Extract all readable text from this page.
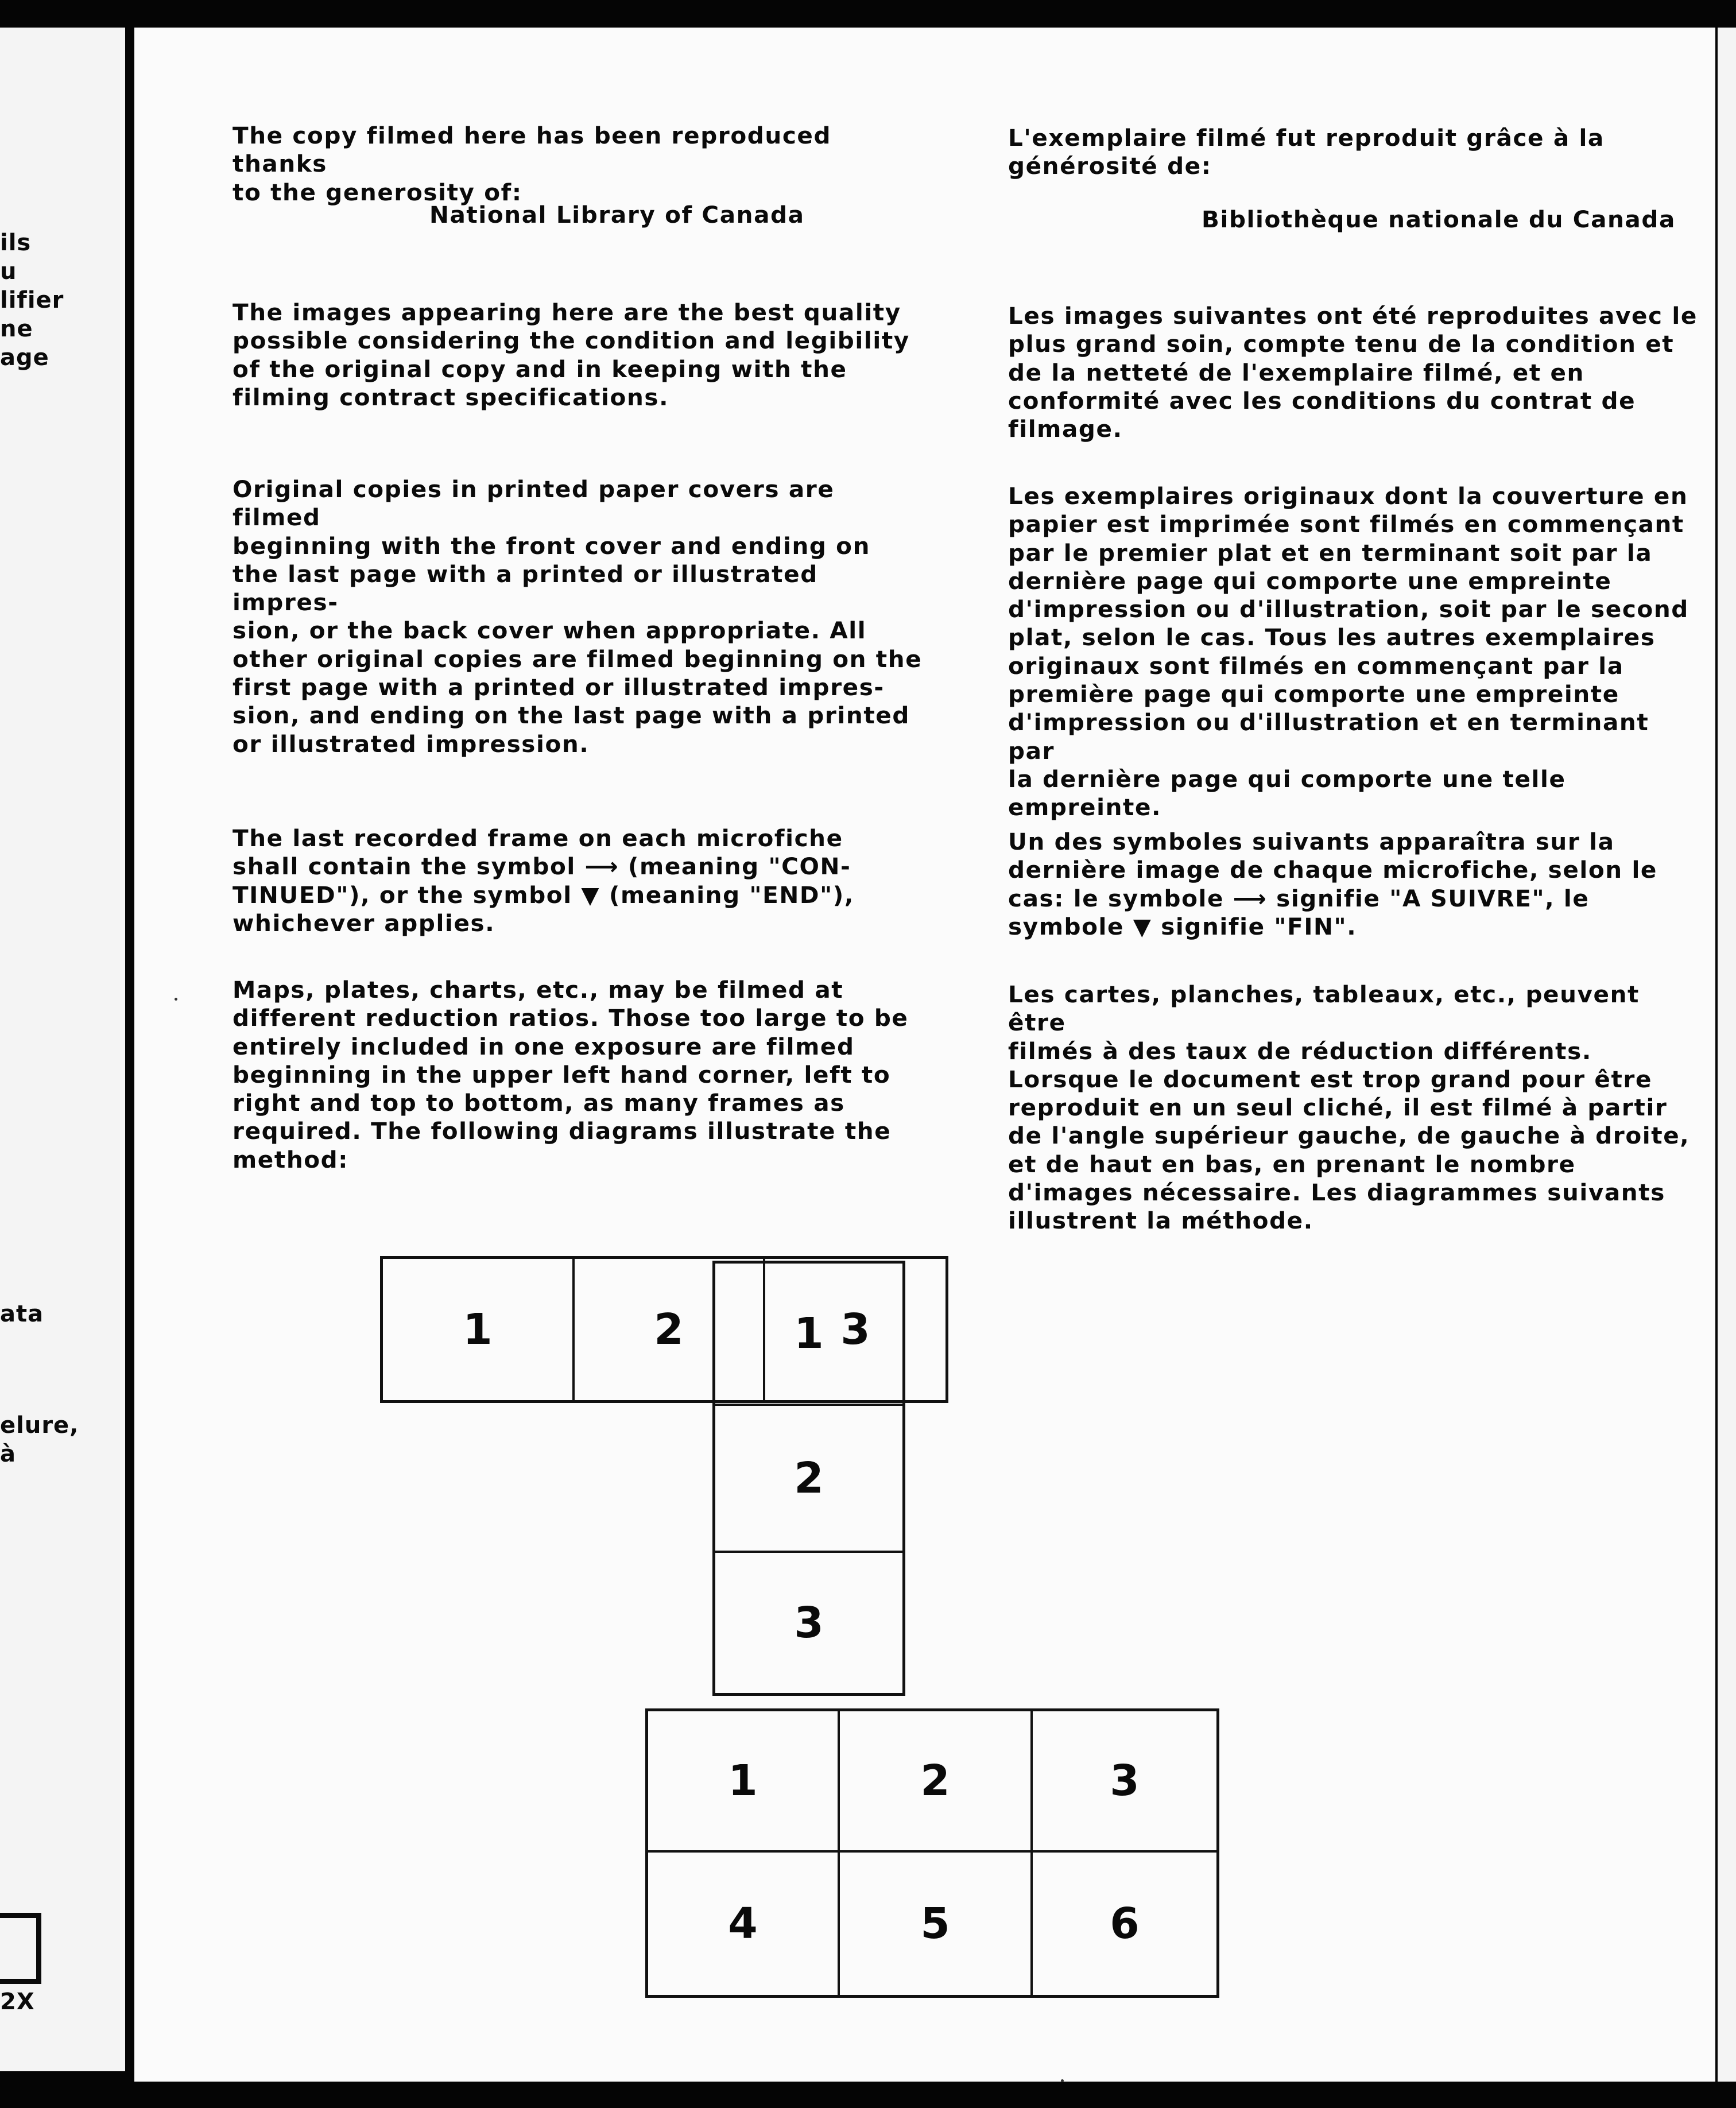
ils
u
lifier
ne
age
ata
elure,
à
2X

The copy filmed here has been reproduced thanks
to the generosity of:

National Library of Canada

The images appearing here are the best quality
possible considering the condition and legibility
of the original copy and in keeping with the
filming contract specifications.

Original copies in printed paper covers are filmed
beginning with the front cover and ending on
the last page with a printed or illustrated impres-
sion, or the back cover when appropriate. All
other original copies are filmed beginning on the
first page with a printed or illustrated impres-
sion, and ending on the last page with a printed
or illustrated impression.

The last recorded frame on each microfiche
shall contain the symbol ⟶ (meaning "CON-
TINUED"), or the symbol ▼ (meaning "END"),
whichever applies.

Maps, plates, charts, etc., may be filmed at
different reduction ratios. Those too large to be
entirely included in one exposure are filmed
beginning in the upper left hand corner, left to
right and top to bottom, as many frames as
required. The following diagrams illustrate the
method:

L'exemplaire filmé fut reproduit grâce à la
générosité de:

Bibliothèque nationale du Canada

Les images suivantes ont été reproduites avec le
plus grand soin, compte tenu de la condition et
de la netteté de l'exemplaire filmé, et en
conformité avec les conditions du contrat de
filmage.

Les exemplaires originaux dont la couverture en
papier est imprimée sont filmés en commençant
par le premier plat et en terminant soit par la
dernière page qui comporte une empreinte
d'impression ou d'illustration, soit par le second
plat, selon le cas. Tous les autres exemplaires
originaux sont filmés en commençant par la
première page qui comporte une empreinte
d'impression ou d'illustration et en terminant par
la dernière page qui comporte une telle
empreinte.

Un des symboles suivants apparaîtra sur la
dernière image de chaque microfiche, selon le
cas: le symbole ⟶ signifie "A SUIVRE", le
symbole ▼ signifie "FIN".

Les cartes, planches, tableaux, etc., peuvent être
filmés à des taux de réduction différents.
Lorsque le document est trop grand pour être
reproduit en un seul cliché, il est filmé à partir
de l'angle supérieur gauche, de gauche à droite,
et de haut en bas, en prenant le nombre
d'images nécessaire. Les diagrammes suivants
illustrent la méthode.

1	2	3
1
2
3
1	2	3
4	5	6
